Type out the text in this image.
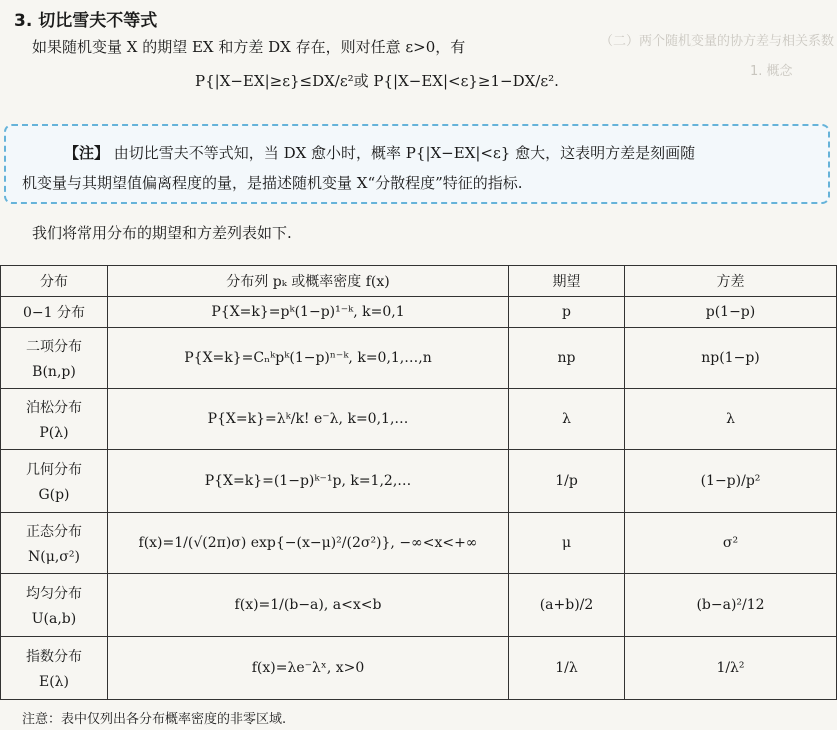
（二）两个随机变量的协方差与相关系数
1. 概念
3. 切比雪夫不等式
如果随机变量 X 的期望 EX 和方差 DX 存在，则对任意 ε>0，有
P{|X−EX|≥ε}≤DX/ε²或 P{|X−EX|<ε}≥1−DX/ε².
【注】 由切比雪夫不等式知，当 DX 愈小时，概率 P{|X−EX|<ε} 愈大，这表明方差是刻画随
机变量与其期望值偏离程度的量，是描述随机变量 X“分散程度”特征的指标.
我们将常用分布的期望和方差列表如下.
分布	分布列 pₖ 或概率密度 f(x)	期望	方差
0−1 分布	P{X=k}=pᵏ(1−p)¹⁻ᵏ, k=0,1	p	p(1−p)

二项分布
B(n,p)	P{X=k}=Cₙᵏpᵏ(1−p)ⁿ⁻ᵏ, k=0,1,…,n	np	np(1−p)

泊松分布
P(λ)	P{X=k}=λᵏ/k! e⁻λ, k=0,1,…	λ	λ

几何分布
G(p)	P{X=k}=(1−p)ᵏ⁻¹p, k=1,2,…	1/p	(1−p)/p²

正态分布
N(μ,σ²)	f(x)=1/(√(2π)σ) exp{−(x−μ)²/(2σ²)}, −∞<x<+∞	μ	σ²

均匀分布
U(a,b)	f(x)=1/(b−a), a<x<b	(a+b)/2	(b−a)²/12

指数分布
E(λ)	f(x)=λe⁻λˣ, x>0	1/λ	1/λ²
注意：表中仅列出各分布概率密度的非零区域.
